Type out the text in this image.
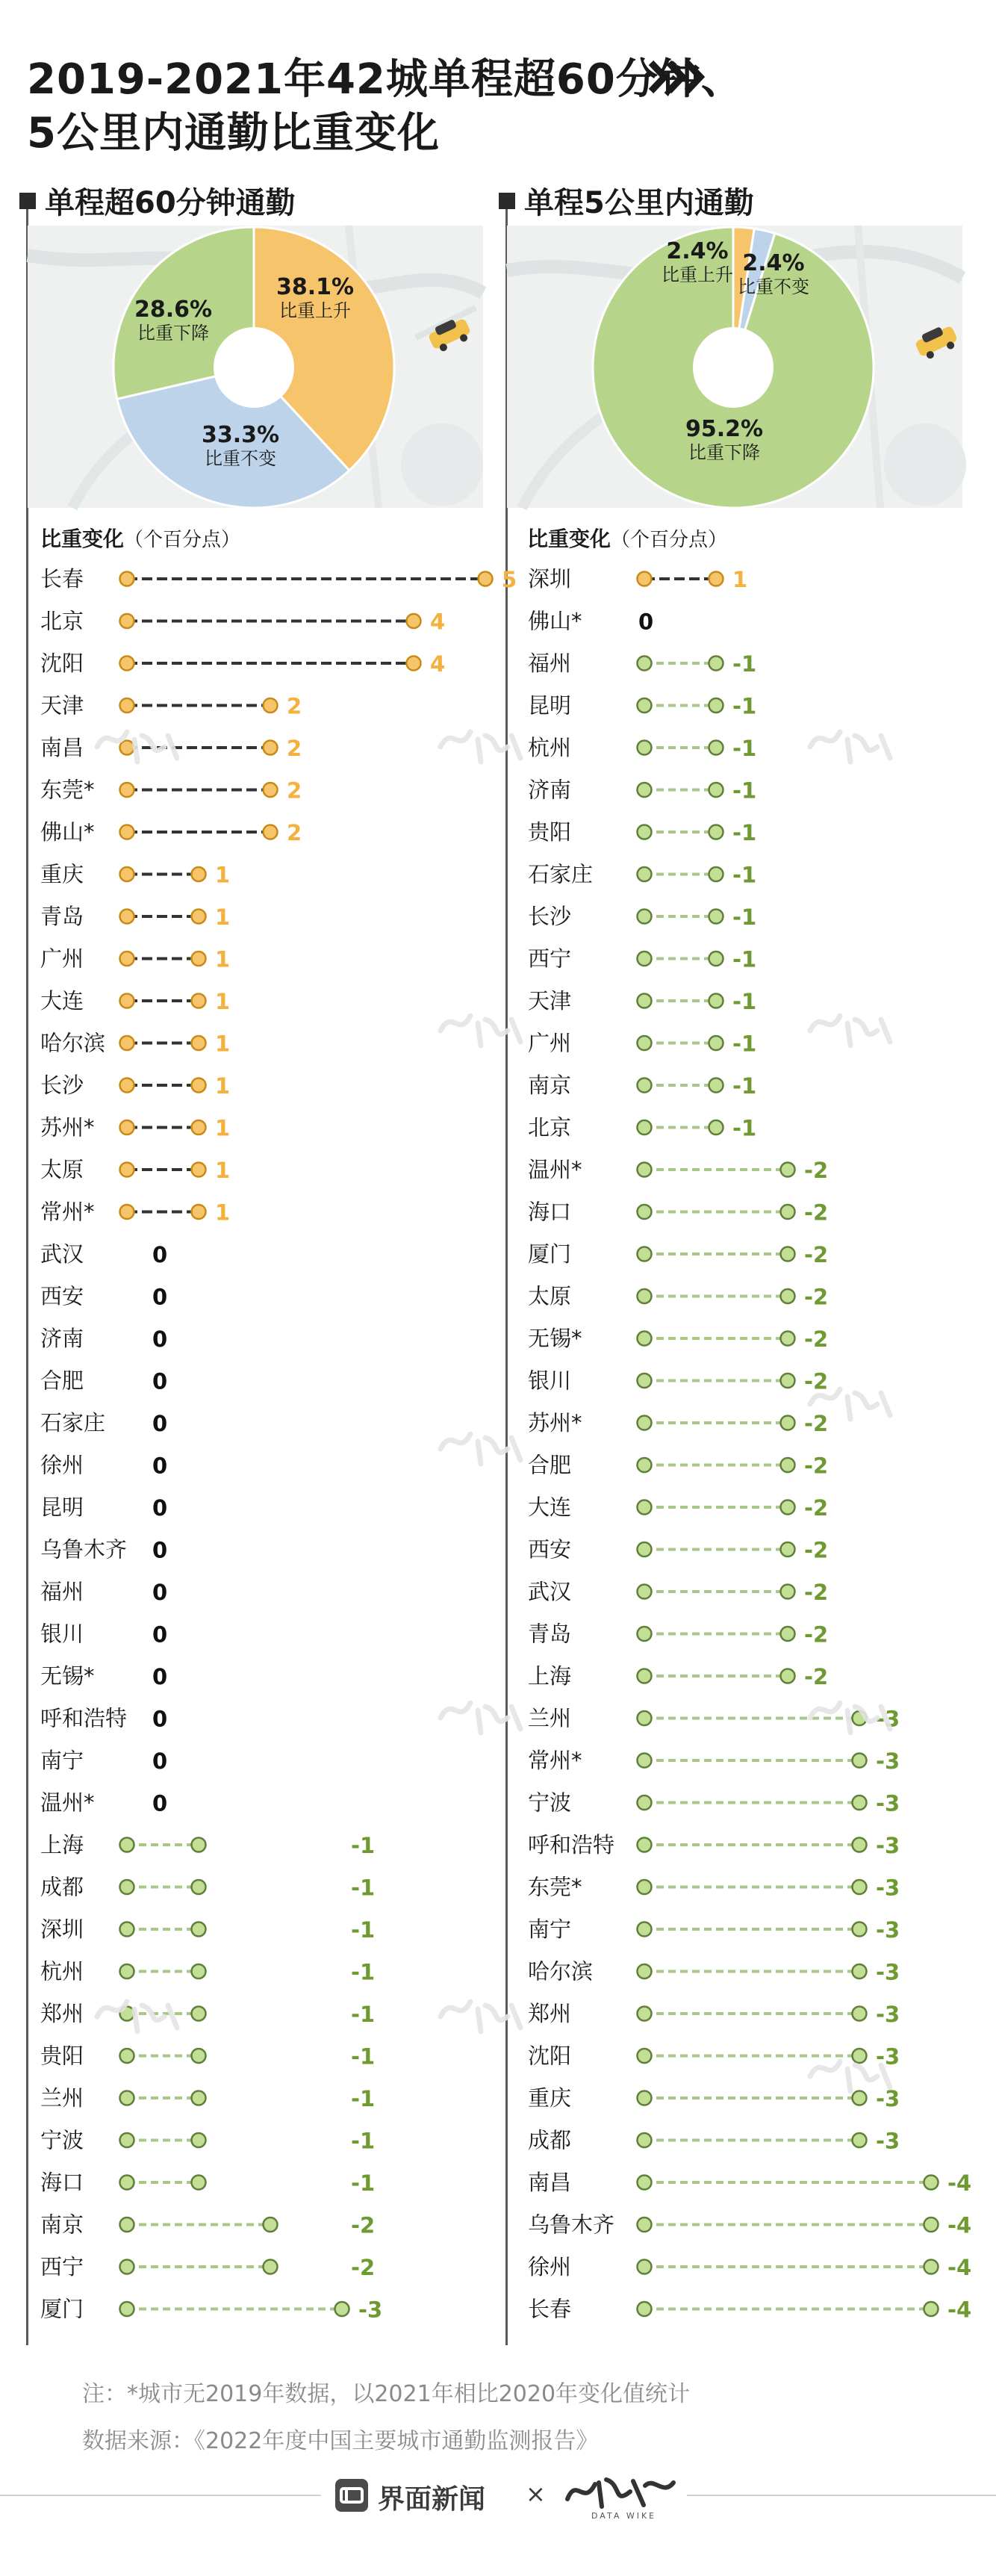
2019-2021年42城单程超60分钟、
5公里内通勤比重变化
单程超60分钟通勤	单程5公里内通勤
38.1%
比重上升
33.3%
比重不变
28.6%
比重下降
2.4%
比重上升 2.4%
比重不变
95.2%
比重下降
比重变化（个百分点）	比重变化（个百分点）
长春	5
北京	4
沈阳	4
天津	2
南昌	2
东莞*	2
佛山*	2
重庆	1
青岛	1
广州	1
大连	1
哈尔滨	1
长沙	1
苏州*	1
太原	1
常州*	1
武汉	0
西安	0
济南	0
合肥	0
石家庄 0
徐州	0
昆明	0
乌鲁木齐 0
福州	0
银川	0
无锡*	0
呼和浩特 0
南宁	0
温州*	0
上海	-1
成都	-1
深圳	-1
杭州	-1
郑州	-1
贵阳	-1
兰州	-1
宁波	-1
海口	-1
南京	-2
西宁	-2
厦门	-3
深圳	1
佛山*	0
福州	-1
昆明	-1
杭州	-1
济南	-1
贵阳	-1
石家庄	-1
长沙	-1
西宁	-1
天津	-1
广州	-1
南京	-1
北京	-1
温州*	-2
海口	-2
厦门	-2
太原	-2
无锡*	-2
银川	-2
苏州*	-2
合肥	-2
大连	-2
西安	-2
武汉	-2
青岛	-2
上海	-2
兰州	-3
常州*	-3
宁波	-3
呼和浩特	-3
东莞*	-3
南宁	-3
哈尔滨	-3
郑州	-3
沈阳	-3
重庆	-3
成都	-3
南昌	-4
乌鲁木齐	-4
徐州	-4
长春	-4
注：*城市无2019年数据，以2021年相比2020年变化值统计
数据来源：《2022年度中国主要城市通勤监测报告》
界面新闻 ×
DATA WIKE
